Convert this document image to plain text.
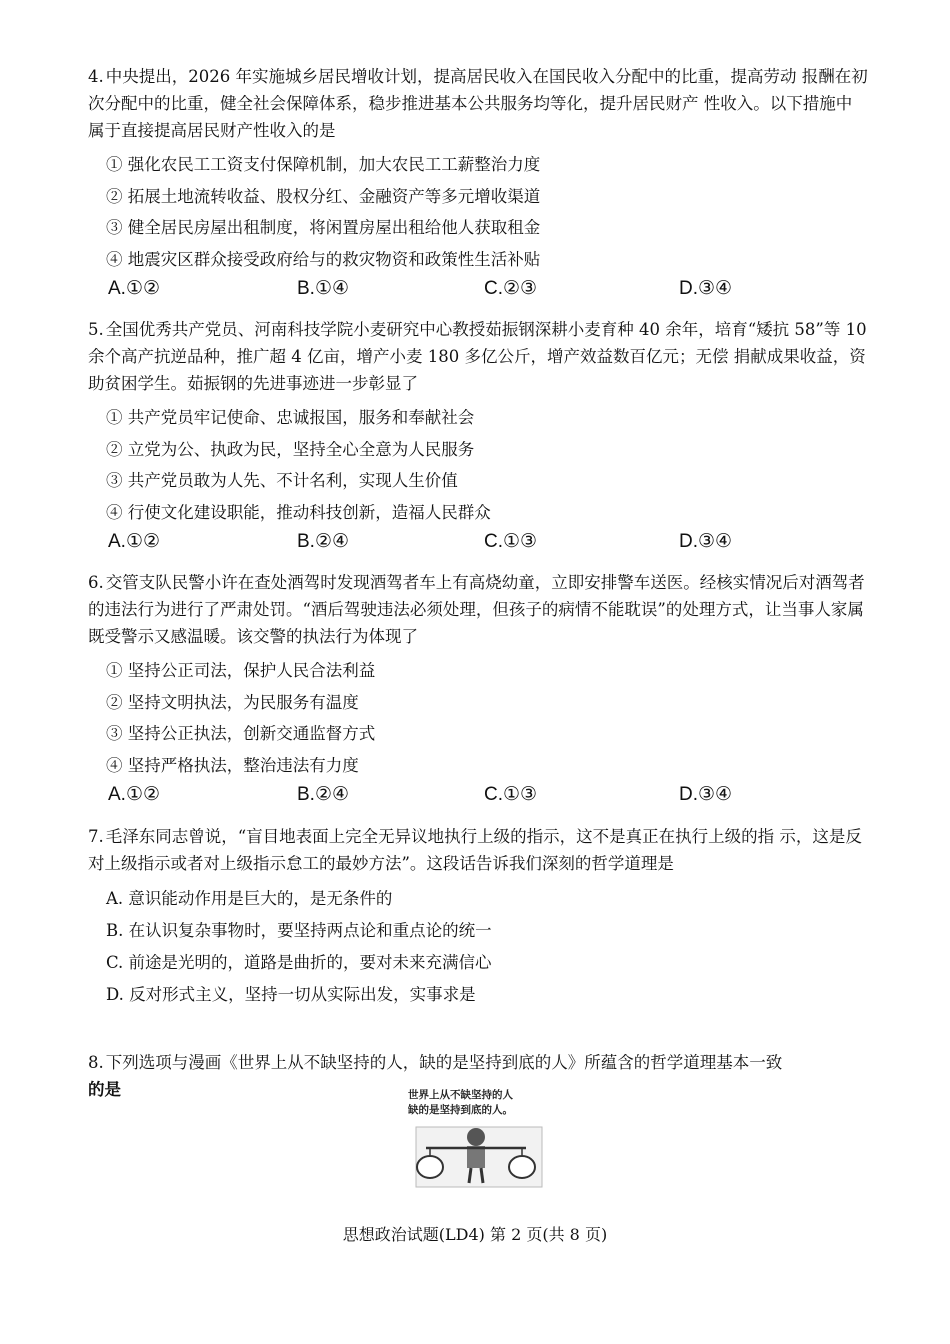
4. 中央提出，2026 年实施城乡居民增收计划，提高居民收入在国民收入分配中的比重，提高劳动 报酬在初次分配中的比重，健全社会保障体系，稳步推进基本公共服务均等化，提升居民财产 性收入。以下措施中属于直接提高居民财产性收入的是

① 强化农民工工资支付保障机制，加大农民工工薪整治力度

② 拓展土地流转收益、股权分红、金融资产等多元增收渠道

③ 健全居民房屋出租制度，将闲置房屋出租给他人获取租金

④ 地震灾区群众接受政府给与的救灾物资和政策性生活补贴

A.①②	B.①④	C.②③	D.③④

5. 全国优秀共产党员、河南科技学院小麦研究中心教授茹振钢深耕小麦育种 40 余年，培育“矮抗 58”等 10 余个高产抗逆品种，推广超 4 亿亩，增产小麦 180 多亿公斤，增产效益数百亿元；无偿 捐献成果收益，资助贫困学生。茹振钢的先进事迹进一步彰显了

① 共产党员牢记使命、忠诚报国，服务和奉献社会

② 立党为公、执政为民，坚持全心全意为人民服务

③ 共产党员敢为人先、不计名利，实现人生价值

④ 行使文化建设职能，推动科技创新，造福人民群众

A.①②	B.②④	C.①③	D.③④

6. 交管支队民警小许在查处酒驾时发现酒驾者车上有高烧幼童，立即安排警车送医。经核实情况后对酒驾者的违法行为进行了严肃处罚。“酒后驾驶违法必须处理，但孩子的病情不能耽误”的处理方式，让当事人家属既受警示又感温暖。该交警的执法行为体现了

① 坚持公正司法，保护人民合法利益

② 坚持文明执法，为民服务有温度

③ 坚持公正执法，创新交通监督方式

④ 坚持严格执法，整治违法有力度

A.①②	B.②④	C.①③	D.③④

7. 毛泽东同志曾说，“盲目地表面上完全无异议地执行上级的指示，这不是真正在执行上级的指 示，这是反对上级指示或者对上级指示怠工的最妙方法”。这段话告诉我们深刻的哲学道理是

A. 意识能动作用是巨大的，是无条件的

B. 在认识复杂事物时，要坚持两点论和重点论的统一

C. 前途是光明的，道路是曲折的，要对未来充满信心

D. 反对形式主义，坚持一切从实际出发，实事求是

8. 下列选项与漫画《世界上从不缺坚持的人，缺的是坚持到底的人》所蕴含的哲学道理基本一致
的是	世界上从不缺坚持的人
缺的是坚持到底的人。
思想政治试题(LD4) 第 2 页(共 8 页)
